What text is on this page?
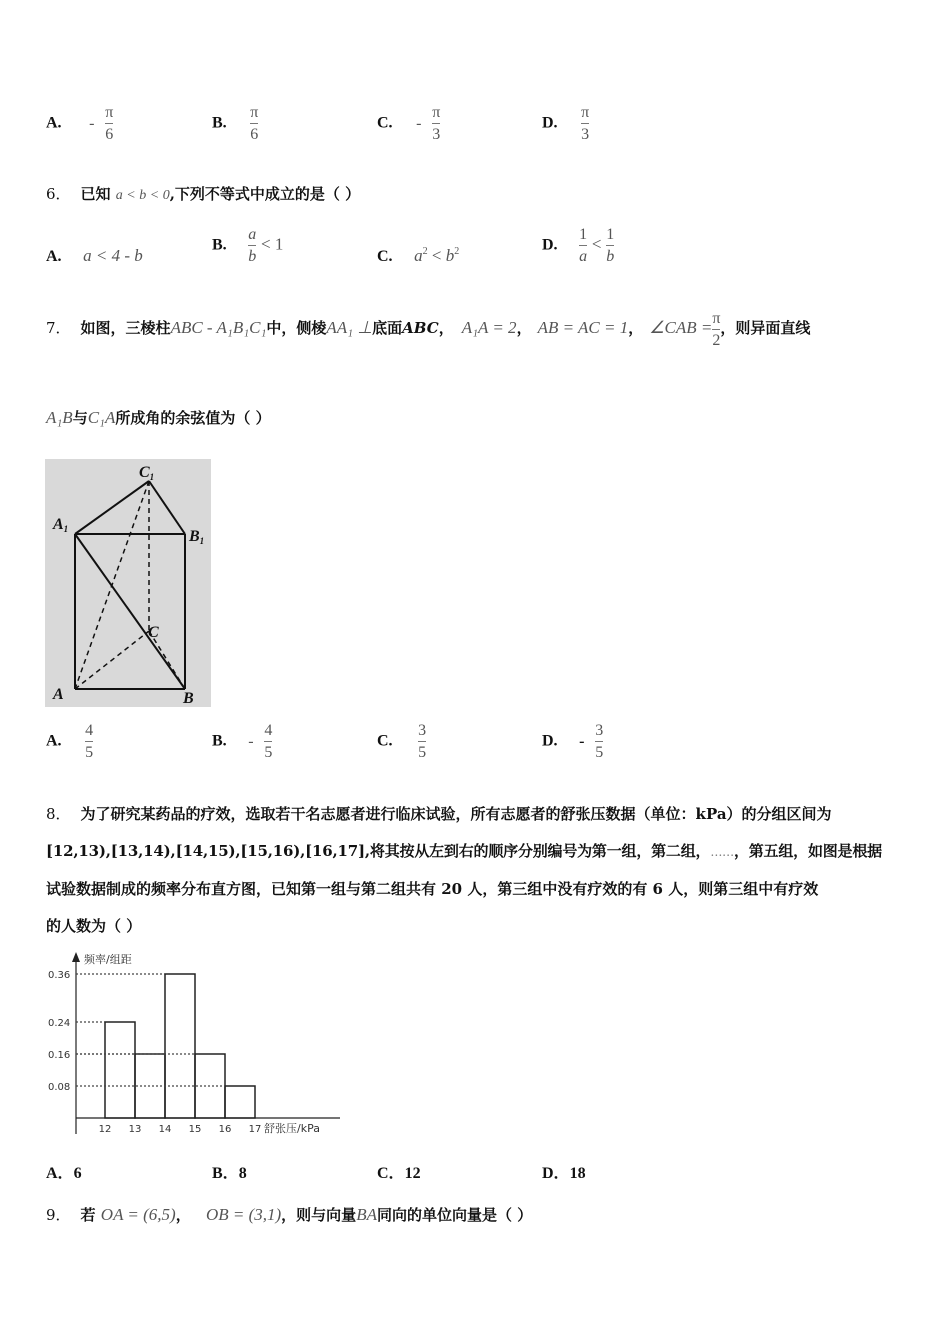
A. - $\frac{\pi}{6}$	B. $\frac{\pi}{6}$	C. - $\frac{\pi}{3}$	D. $\frac{\pi}{3}$
6． 已知 a < b < 0,下列不等式中成立的是（ ）
A. a < 4 - b
B. $\frac{a}{b} < 1$
C. $a^2 < b^2$	D. $\frac{1}{a} < \frac{1}{b}$
7． 如图，三棱柱ABC - A₁B₁C₁中，侧棱AA₁ ⊥底面ABC， A₁A = 2， AB = AC = 1， ∠CAB = $\frac{\pi}{2}$ ，则异面直线
A₁B与C₁A所成角的余弦值为（ ）
C1
A1	B1
C
A	B
A. $\frac{4}{5}$	B. - $\frac{4}{5}$	C. $\frac{3}{5}$	D. - $\frac{3}{5}$
8． 为了研究某药品的疗效，选取若干名志愿者进行临床试验，所有志愿者的舒张压数据（单位：kPa）的分组区间为
[12,13),[13,14),[14,15),[15,16),[16,17],将其按从左到右的顺序分别编号为第一组，第二组，……，第五组，如图是根据
试验数据制成的频率分布直方图，已知第一组与第二组共有 20 人，第三组中没有疗效的有 6 人，则第三组中有疗效
的人数为（ ）
频率/组距
舒张压/kPa
0.08
0.16
0.24
0.36
12 13 14 15 16 17
A．6	B．8	C．12	D．18
9． 若 OA = (6,5)， OB = (3,1)，则与向量BA同向的单位向量是（ ）
